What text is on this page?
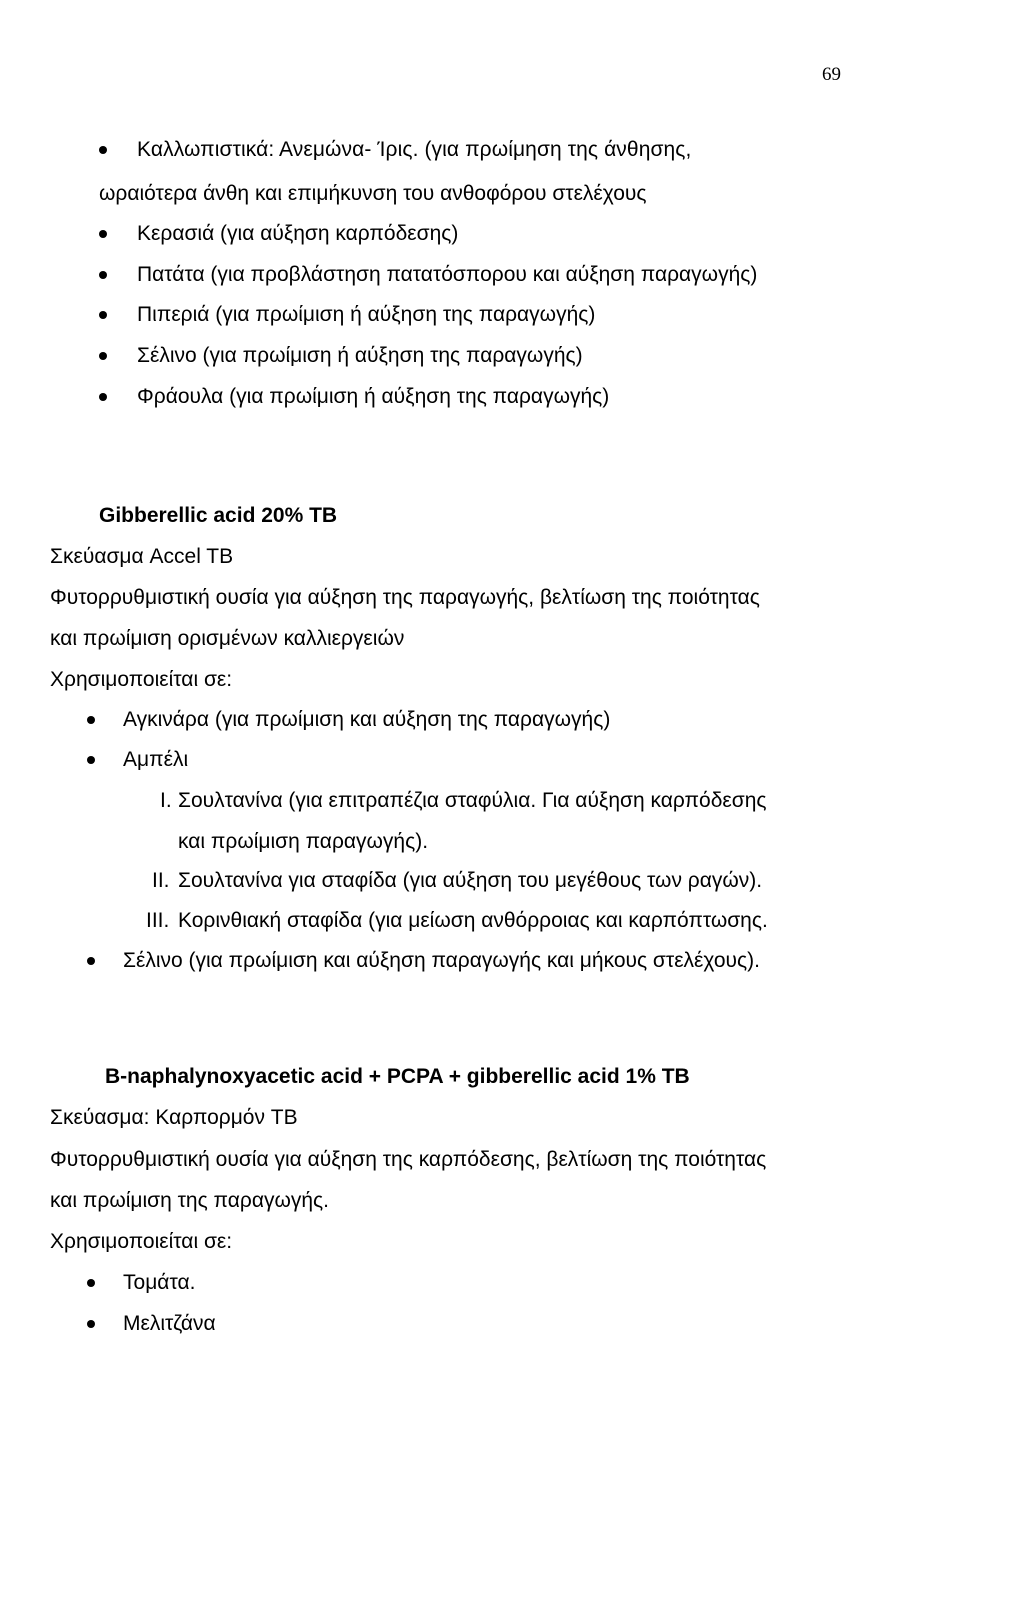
69
Καλλωπιστικά: Ανεμώνα- Ίρις. (για πρωίμηση της άνθησης,
ωραιότερα άνθη και επιμήκυνση του ανθοφόρου στελέχους
Κερασιά (για αύξηση καρπόδεσης)
Πατάτα (για προβλάστηση πατατόσπορου και αύξηση παραγωγής)
Πιπεριά (για πρωίμιση ή αύξηση της παραγωγής)
Σέλινο (για πρωίμιση ή αύξηση της παραγωγής)
Φράουλα (για πρωίμιση ή αύξηση της παραγωγής)
Gibberellic acid 20% TB
Σκεύασμα Accel TB
Φυτορρυθμιστική ουσία για αύξηση της παραγωγής, βελτίωση της ποιότητας
και πρωίμιση ορισμένων καλλιεργειών
Χρησιμοποιείται σε:
Αγκινάρα (για πρωίμιση και αύξηση της παραγωγής)
Αμπέλι
I. Σουλτανίνα (για επιτραπέζια σταφύλια. Για αύξηση καρπόδεσης
και πρωίμιση παραγωγής).
II. Σουλτανίνα για σταφίδα (για αύξηση του μεγέθους των ραγών).
III. Κορινθιακή σταφίδα (για μείωση ανθόρροιας και καρπόπτωσης.
Σέλινο (για πρωίμιση και αύξηση παραγωγής και μήκους στελέχους).
B-naphalynoxyacetic acid + PCPA + gibberellic acid 1% TB
Σκεύασμα: Καρπορμόν TB
Φυτορρυθμιστική ουσία για αύξηση της καρπόδεσης, βελτίωση της ποιότητας
και πρωίμιση της παραγωγής.
Χρησιμοποιείται σε:
Τομάτα.
Μελιτζάνα
